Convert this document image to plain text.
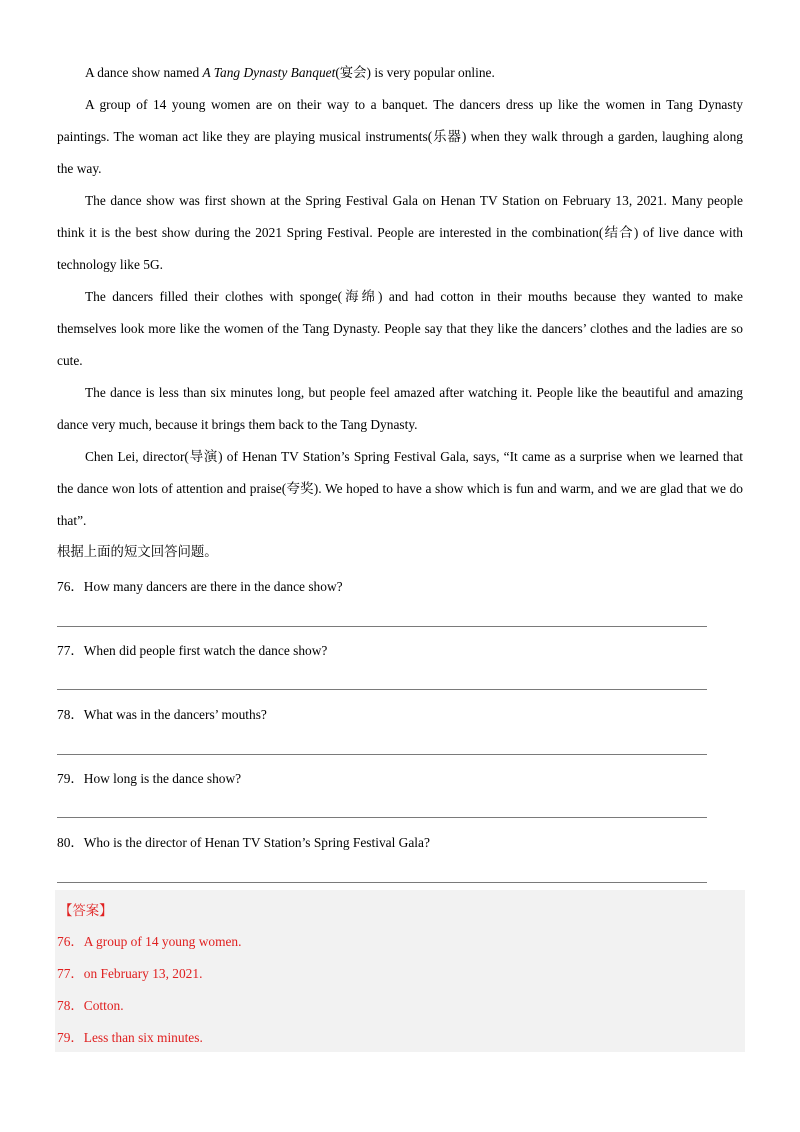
A dance show named A Tang Dynasty Banquet(宴会) is very popular online.

A group of 14 young women are on their way to a banquet. The dancers dress up like the women in Tang Dynasty paintings. The woman act like they are playing musical instruments(乐器) when they walk through a garden, laughing along the way.

The dance show was first shown at the Spring Festival Gala on Henan TV Station on February 13, 2021. Many people think it is the best show during the 2021 Spring Festival. People are interested in the combination(结合) of live dance with technology like 5G.

The dancers filled their clothes with sponge(海绵) and had cotton in their mouths because they wanted to make themselves look more like the women of the Tang Dynasty. People say that they like the dancers’ clothes and the ladies are so cute.

The dance is less than six minutes long, but people feel amazed after watching it. People like the beautiful and amazing dance very much, because it brings them back to the Tang Dynasty.

Chen Lei, director(导演) of Henan TV Station’s Spring Festival Gala, says, “It came as a surprise when we learned that the dance won lots of attention and praise(夸奖). We hoped to have a show which is fun and warm, and we are glad that we do that”.

根据上面的短文回答问题。
76．How many dancers are there in the dance show?
77．When did people first watch the dance show?
78．What was in the dancers’ mouths?
79．How long is the dance show?
80．Who is the director of Henan TV Station’s Spring Festival Gala?
【答案】
76．A group of 14 young women.
77．on February 13, 2021.
78．Cotton.
79．Less than six minutes.
